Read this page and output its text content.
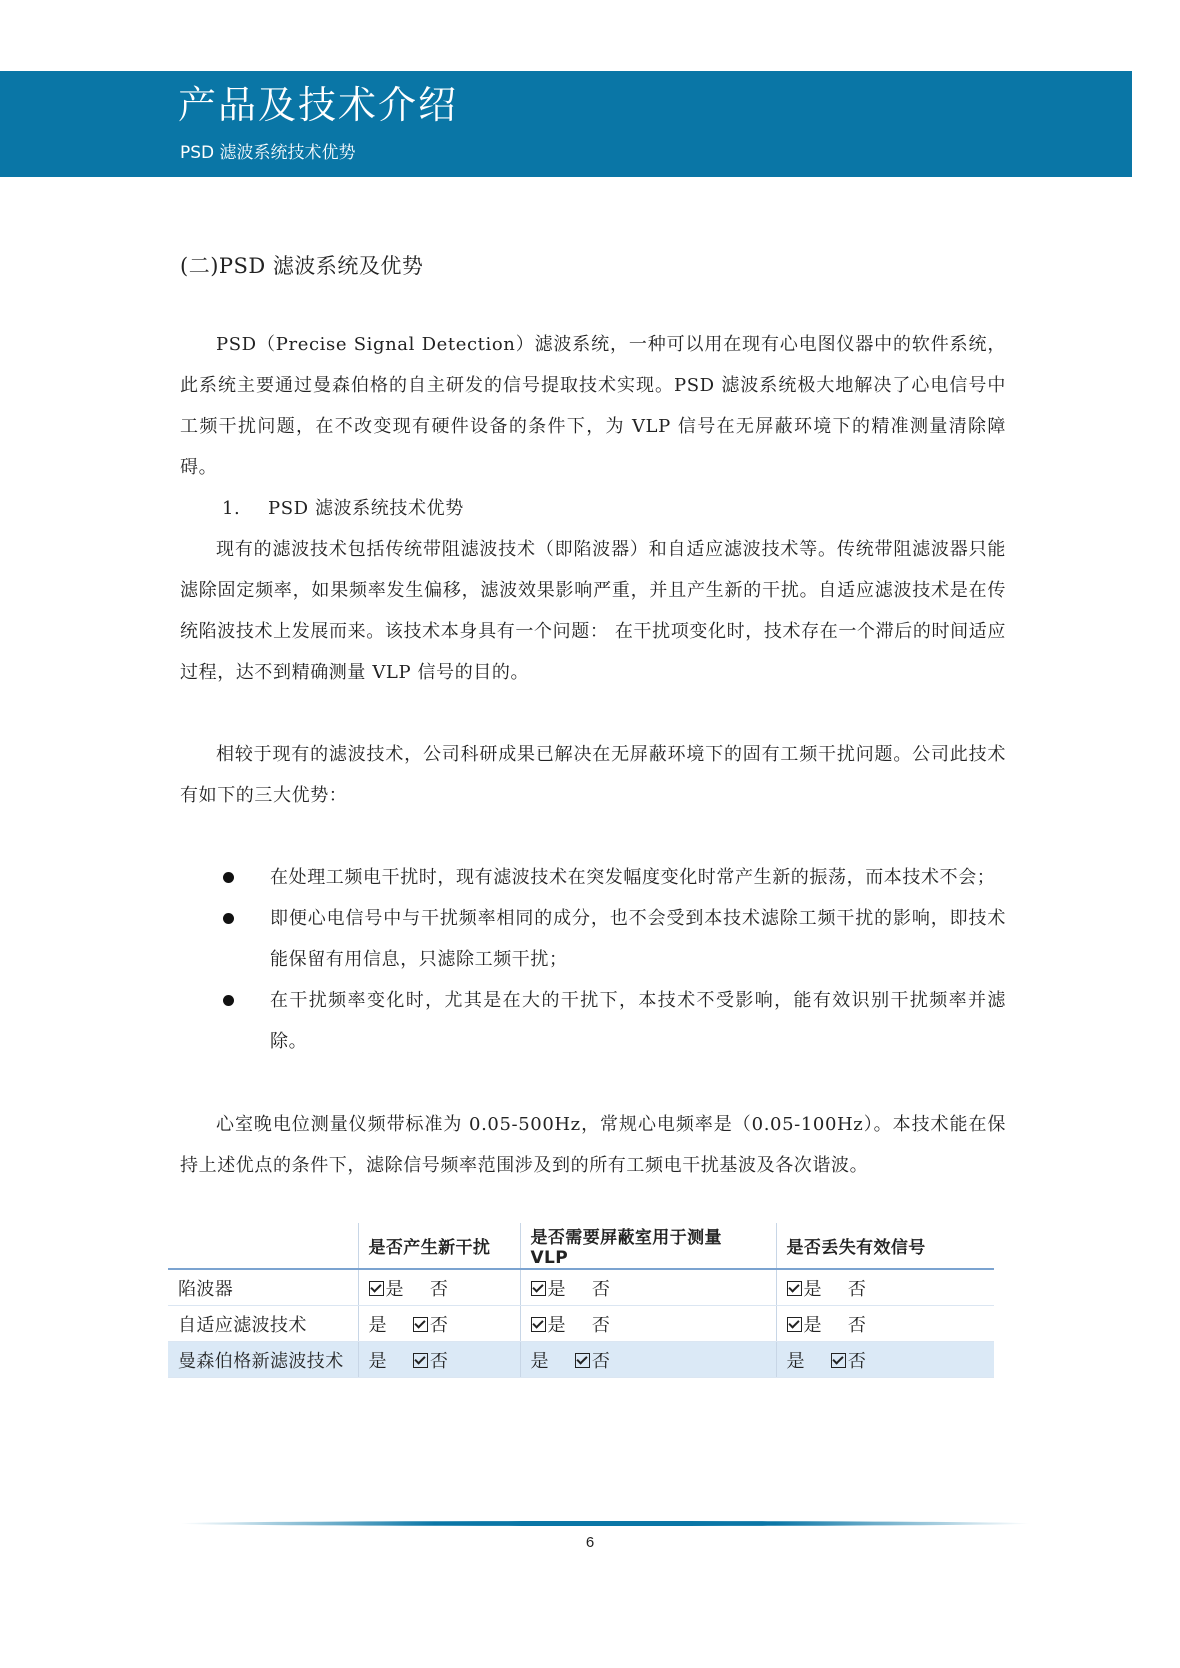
产品及技术介绍
PSD 滤波系统技术优势
(二)PSD 滤波系统及优势

PSD（Precise Signal Detection）滤波系统，一种可以用在现有心电图仪器中的软件系统，此系统主要通过曼森伯格的自主研发的信号提取技术实现。PSD 滤波系统极大地解决了心电信号中工频干扰问题，在不改变现有硬件设备的条件下，为 VLP 信号在无屏蔽环境下的精准测量清除障碍。

1. PSD 滤波系统技术优势

现有的滤波技术包括传统带阻滤波技术（即陷波器）和自适应滤波技术等。传统带阻滤波器只能滤除固定频率，如果频率发生偏移，滤波效果影响严重，并且产生新的干扰。自适应滤波技术是在传统陷波技术上发展而来。该技术本身具有一个问题： 在干扰项变化时，技术存在一个滞后的时间适应过程，达不到精确测量 VLP 信号的目的。

相较于现有的滤波技术，公司科研成果已解决在无屏蔽环境下的固有工频干扰问题。公司此技术有如下的三大优势：

在处理工频电干扰时，现有滤波技术在突发幅度变化时常产生新的振荡，而本技术不会；
即便心电信号中与干扰频率相同的成分，也不会受到本技术滤除工频干扰的影响，即技术能保留有用信息，只滤除工频干扰；
在干扰频率变化时，尤其是在大的干扰下，本技术不受影响，能有效识别干扰频率并滤除。

心室晚电位测量仪频带标准为 0.05-500Hz，常规心电频率是（0.05-100Hz）。本技术能在保持上述优点的条件下，滤除信号频率范围涉及到的所有工频电干扰基波及各次谐波。

	是否产生新干扰	是否需要屏蔽室用于测量 VLP	是否丢失有效信号
陷波器	是 否	是 否	是 否
自适应滤波技术	是 否	是 否	是 否
曼森伯格新滤波技术	是 否	是 否	是 否
6
